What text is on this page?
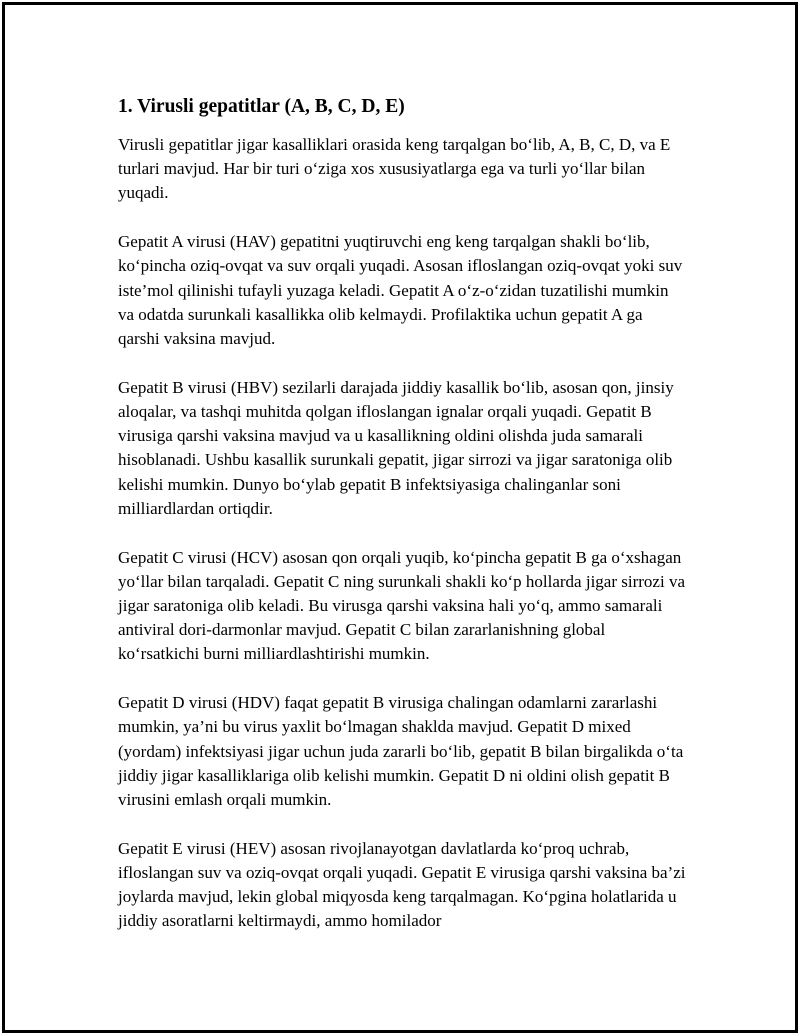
1. Virusli gepatitlar (A, B, C, D, E)

Virusli gepatitlar jigar kasalliklari orasida keng tarqalgan bo‘lib, A, B, C, D, va E turlari mavjud. Har bir turi o‘ziga xos xususiyatlarga ega va turli yo‘llar bilan yuqadi.

Gepatit A virusi (HAV) gepatitni yuqtiruvchi eng keng tarqalgan shakli bo‘lib, ko‘pincha oziq-ovqat va suv orqali yuqadi. Asosan ifloslangan oziq-ovqat yoki suv iste’mol qilinishi tufayli yuzaga keladi. Gepatit A o‘z-o‘zidan tuzatilishi mumkin va odatda surunkali kasallikka olib kelmaydi. Profilaktika uchun gepatit A ga qarshi vaksina mavjud.

Gepatit B virusi (HBV) sezilarli darajada jiddiy kasallik bo‘lib, asosan qon, jinsiy aloqalar, va tashqi muhitda qolgan ifloslangan ignalar orqali yuqadi. Gepatit B virusiga qarshi vaksina mavjud va u kasallikning oldini olishda juda samarali hisoblanadi. Ushbu kasallik surunkali gepatit, jigar sirrozi va jigar saratoniga olib kelishi mumkin. Dunyo bo‘ylab gepatit B infektsiyasiga chalinganlar soni milliardlardan ortiqdir.

Gepatit C virusi (HCV) asosan qon orqali yuqib, ko‘pincha gepatit B ga o‘xshagan yo‘llar bilan tarqaladi. Gepatit C ning surunkali shakli ko‘p hollarda jigar sirrozi va jigar saratoniga olib keladi. Bu virusga qarshi vaksina hali yo‘q, ammo samarali antiviral dori-darmonlar mavjud. Gepatit C bilan zararlanishning global ko‘rsatkichi burni milliardlashtirishi mumkin.

Gepatit D virusi (HDV) faqat gepatit B virusiga chalingan odamlarni zararlashi mumkin, ya’ni bu virus yaxlit bo‘lmagan shaklda mavjud. Gepatit D mixed (yordam) infektsiyasi jigar uchun juda zararli bo‘lib, gepatit B bilan birgalikda o‘ta jiddiy jigar kasalliklariga olib kelishi mumkin. Gepatit D ni oldini olish gepatit B virusini emlash orqali mumkin.

Gepatit E virusi (HEV) asosan rivojlanayotgan davlatlarda ko‘proq uchrab, ifloslangan suv va oziq-ovqat orqali yuqadi. Gepatit E virusiga qarshi vaksina ba’zi joylarda mavjud, lekin global miqyosda keng tarqalmagan. Ko‘pgina holatlarida u jiddiy asoratlarni keltirmaydi, ammo homilador
